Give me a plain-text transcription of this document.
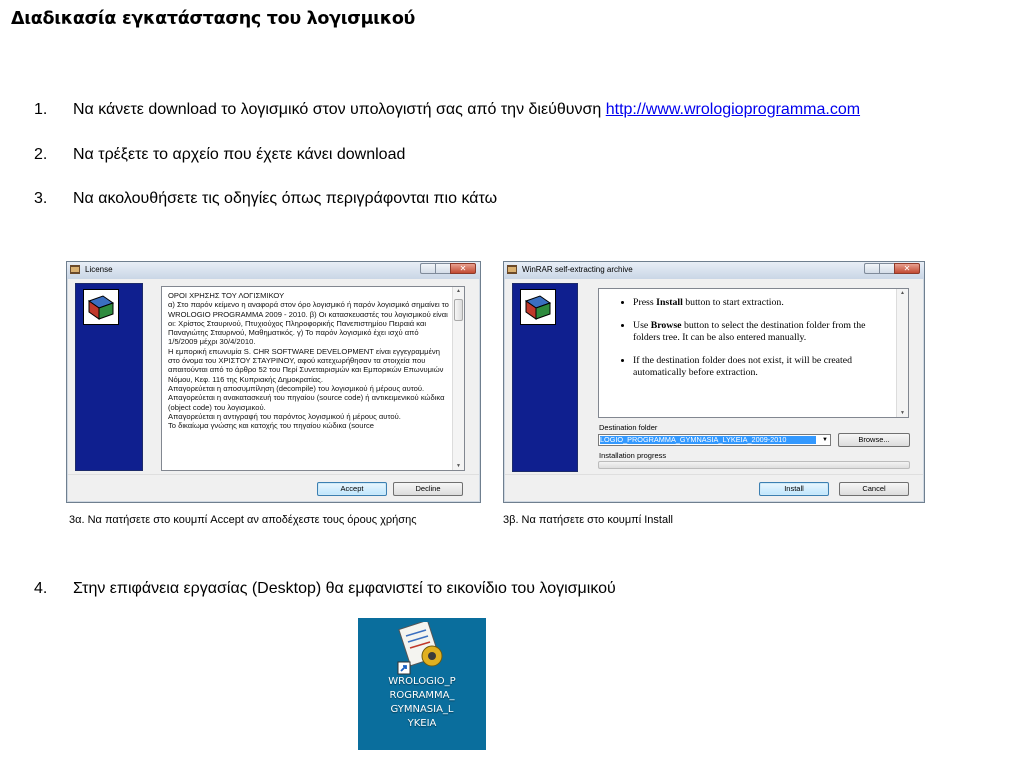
Διαδικασία εγκατάστασης του λογισμικού
1. Να κάνετε download το λογισμικό στον υπολογιστή σας από την διεύθυνση http://www.wrologioprogramma.com
2. Να τρέξετε το αρχείο που έχετε κάνει download
3. Να ακολουθήσετε τις οδηγίες όπως περιγράφονται πιο κάτω
License	✕
ΟΡΟΙ ΧΡΗΣΗΣ ΤΟΥ ΛΟΓΙΣΜΙΚΟΥ
α) Στο παρόν κείμενο η αναφορά στον όρο λογισμικό ή παρόν λογισμικό σημαίνει το WROLOGIO PROGRAMMA 2009 - 2010. β) Οι κατασκευαστές του λογισμικού είναι οι: Χρίστος Σταυρινού, Πτυχιούχος Πληροφορικής Πανεπιστημίου Πειραιά και Παναγιώτης Σταυρινού, Μαθηματικός. γ) Το παρόν λογισμικό έχει ισχύ από 1/5/2009 μέχρι 30/4/2010.
Η εμπορική επωνυμία S. CHR SOFTWARE DEVELOPMENT είναι εγγεγραμμένη στο όνομα του ΧΡΙΣΤΟΥ ΣΤΑΥΡΙΝΟΥ, αφού κατεχωρήθησαν τα στοιχεία που απαιτούνται από το άρθρο 52 του Περί Συνεταιρισμών και Εμπορικών Επωνυμιών Νόμου, Κεφ. 116 της Κυπριακής Δημοκρατίας.
Απαγορεύεται η αποσυμπίληση (decompile) του λογισμικού ή μέρους αυτού. Απαγορεύεται η ανακατασκευή του πηγαίου (source code) ή αντικειμενικού κώδικα (object code) του λογισμικού.
Απαγορεύεται η αντιγραφή του παρόντος λογισμικού ή μέρους αυτού.
Το δικαίωμα γνώσης και κατοχής του πηγαίου κώδικα (source
▲
▼
Accept	Decline
WinRAR self-extracting archive	✕
• Press Install button to start extraction.
• Use Browse button to select the destination folder from the folders tree. It can be also entered manually.
• If the destination folder does not exist, it will be created automatically before extraction.
▲
▼
Destination folder
LOGIO_PROGRAMMA_GYMNASIA_LYKEIA_2009-2010	▼	Browse...
Installation progress
Install	Cancel
3α. Να πατήσετε στο κουμπί Accept αν αποδέχεστε τους όρους χρήσης	3β. Να πατήσετε στο κουμπί Install
4. Στην επιφάνεια εργασίας (Desktop) θα εμφανιστεί το εικονίδιο του λογισμικού
WROLOGIO_P
ROGRAMMA_
GYMNASIA_L
YKEIA
